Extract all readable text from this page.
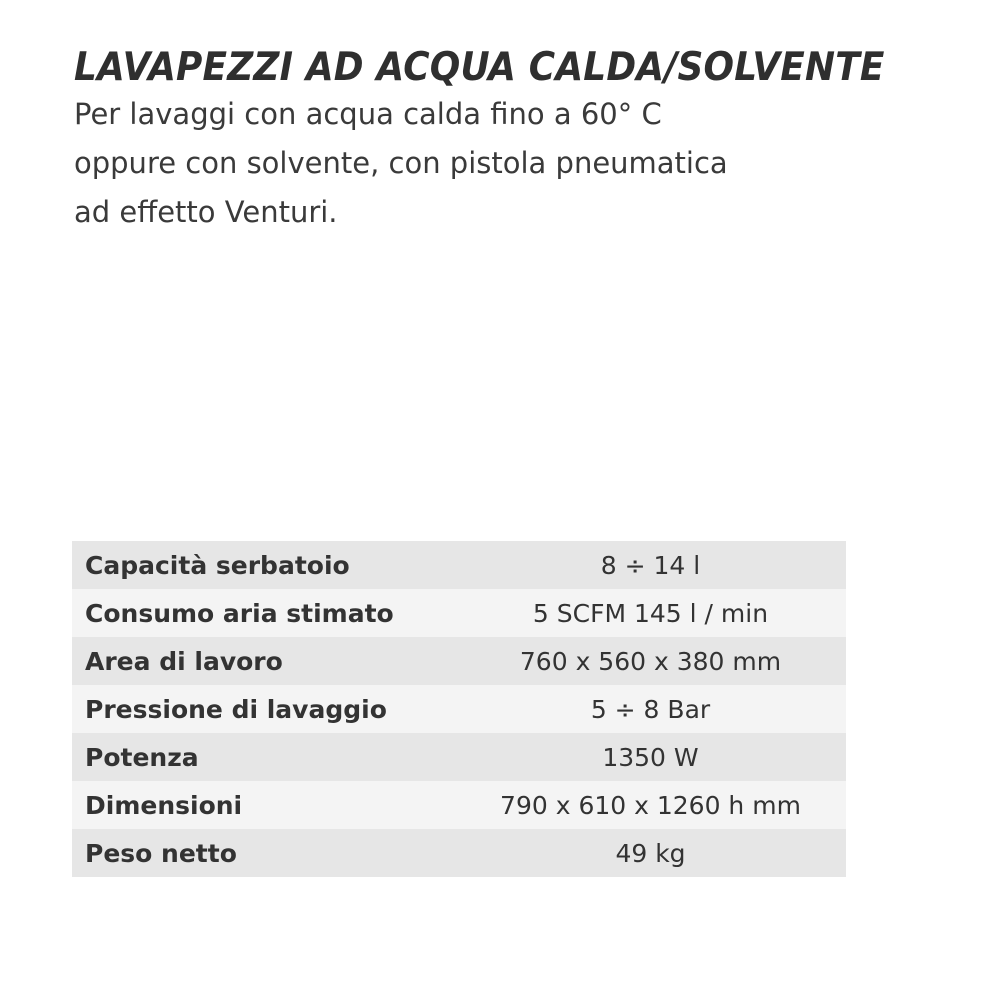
LAVAPEZZI AD ACQUA CALDA/SOLVENTE
Per lavaggi con acqua calda fino a 60° C
oppure con solvente, con pistola pneumatica
ad effetto Venturi.
Capacità serbatoio	8 ÷ 14 l
Consumo aria stimato	5 SCFM 145 l / min
Area di lavoro	760 x 560 x 380 mm
Pressione di lavaggio	5 ÷ 8 Bar
Potenza	1350 W
Dimensioni	790 x 610 x 1260 h mm
Peso netto	49 kg
